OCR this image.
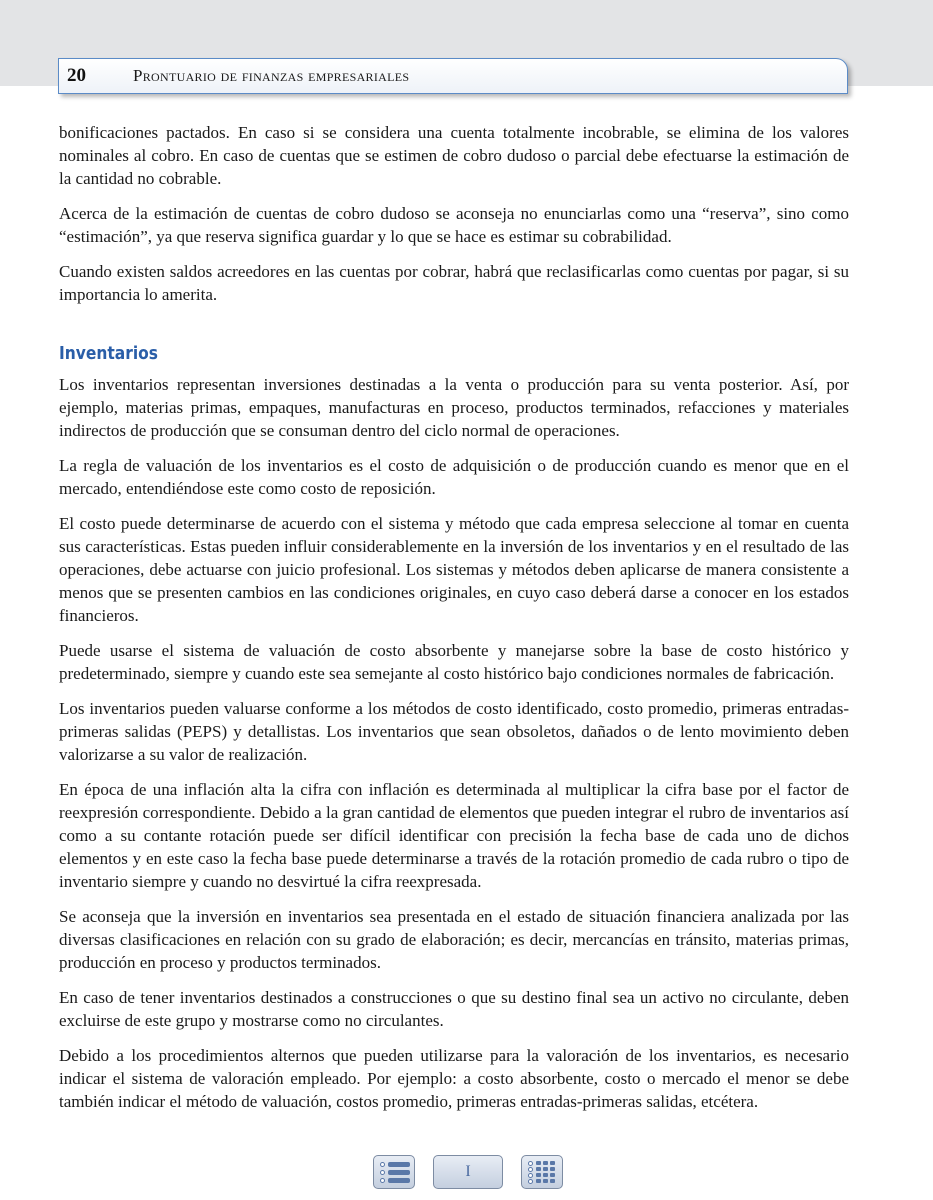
20	Prontuario de finanzas empresariales

bonificaciones pactados. En caso si se considera una cuenta totalmente incobrable, se elimina de los valores nominales al cobro. En caso de cuentas que se estimen de cobro dudoso o parcial debe efectuarse la estimación de la cantidad no cobrable.

Acerca de la estimación de cuentas de cobro dudoso se aconseja no enunciarlas como una “reserva”, sino como “estimación”, ya que reserva significa guardar y lo que se hace es estimar su cobrabilidad.

Cuando existen saldos acreedores en las cuentas por cobrar, habrá que reclasificarlas como cuentas por pagar, si su importancia lo amerita.

Inventarios

Los inventarios representan inversiones destinadas a la venta o producción para su venta posterior. Así, por ejemplo, materias primas, empaques, manufacturas en proceso, productos terminados, refacciones y materiales indirectos de producción que se consuman dentro del ciclo normal de operaciones.

La regla de valuación de los inventarios es el costo de adquisición o de producción cuando es menor que en el mercado, entendiéndose este como costo de reposición.

El costo puede determinarse de acuerdo con el sistema y método que cada empresa seleccione al tomar en cuenta sus características. Estas pueden influir considerablemente en la inversión de los inventarios y en el resultado de las operaciones, debe actuarse con juicio profesional. Los sistemas y métodos deben aplicarse de manera consistente a menos que se presenten cambios en las condiciones originales, en cuyo caso deberá darse a conocer en los estados financieros.

Puede usarse el sistema de valuación de costo absorbente y manejarse sobre la base de costo histórico y predeterminado, siempre y cuando este sea semejante al costo histórico bajo condiciones normales de fabricación.

Los inventarios pueden valuarse conforme a los métodos de costo identificado, costo promedio, primeras entradas-primeras salidas (PEPS) y detallistas. Los inventarios que sean obsoletos, dañados o de lento movimiento deben valorizarse a su valor de realización.

En época de una inflación alta la cifra con inflación es determinada al multiplicar la cifra base por el factor de reexpresión correspondiente. Debido a la gran cantidad de elementos que pueden integrar el rubro de inventarios así como a su contante rotación puede ser difícil identificar con precisión la fecha base de cada uno de dichos elementos y en este caso la fecha base puede determinarse a través de la rotación promedio de cada rubro o tipo de inventario siempre y cuando no desvirtué la cifra reexpresada.

Se aconseja que la inversión en inventarios sea presentada en el estado de situación financiera analizada por las diversas clasificaciones en relación con su grado de elaboración; es decir, mercancías en tránsito, materias primas, producción en proceso y productos terminados.

En caso de tener inventarios destinados a construcciones o que su destino final sea un activo no circulante, deben excluirse de este grupo y mostrarse como no circulantes.

Debido a los procedimientos alternos que pueden utilizarse para la valoración de los inventarios, es necesario indicar el sistema de valoración empleado. Por ejemplo: a costo absorbente, costo o mercado el menor se debe también indicar el método de valuación, costos promedio, primeras entradas-primeras salidas, etcétera.

I
